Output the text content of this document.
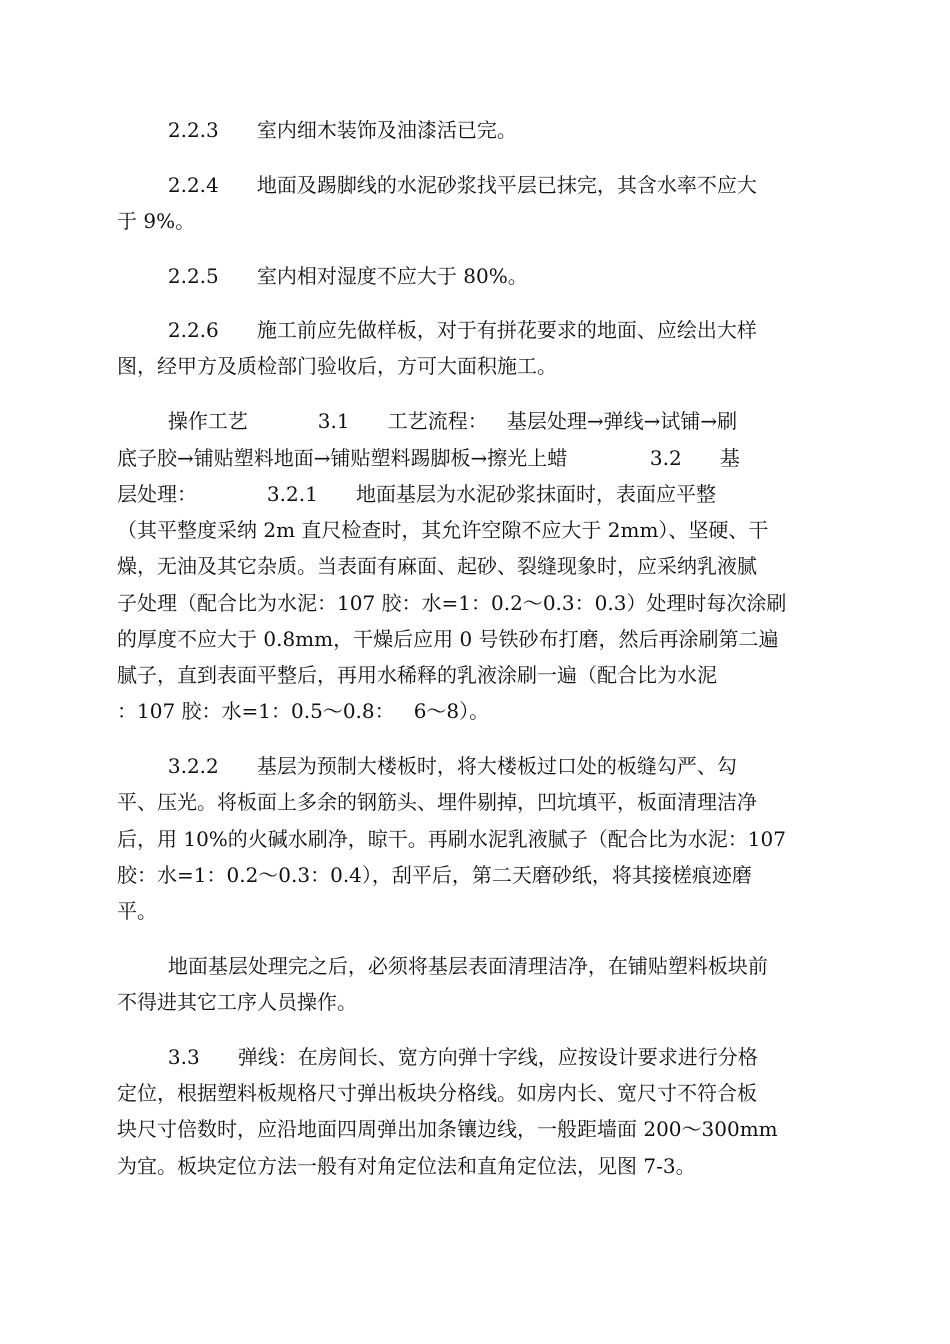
2.2.3      室内细木装饰及油漆活已完。
2.2.4      地面及踢脚线的水泥砂浆找平层已抹完，其含水率不应大
于 9%。
2.2.5      室内相对湿度不应大于 80%。
2.2.6      施工前应先做样板，对于有拼花要求的地面、应绘出大样
图，经甲方及质检部门验收后，方可大面积施工。
操作工艺           3.1      工艺流程：   基层处理→弹线→试铺→刷
底子胶→铺贴塑料地面→铺贴塑料踢脚板→擦光上蜡             3.2      基
层处理：           3.2.1      地面基层为水泥砂浆抹面时，表面应平整
（其平整度采纳 2m 直尺检查时，其允许空隙不应大于 2mm）、坚硬、干
燥，无油及其它杂质。当表面有麻面、起砂、裂缝现象时，应采纳乳液腻
子处理（配合比为水泥：107 胶：水=1：0.2～0.3：0.3）处理时每次涂刷
的厚度不应大于 0.8mm，干燥后应用 0 号铁砂布打磨，然后再涂刷第二遍
腻子，直到表面平整后，再用水稀释的乳液涂刷一遍（配合比为水泥
：107 胶：水=1：0.5～0.8：   6～8）。
3.2.2      基层为预制大楼板时，将大楼板过口处的板缝勾严、勾
平、压光。将板面上多余的钢筋头、埋件剔掉，凹坑填平，板面清理洁净
后，用 10%的火碱水刷净，晾干。再刷水泥乳液腻子（配合比为水泥：107
胶：水=1：0.2～0.3：0.4），刮平后，第二天磨砂纸，将其接槎痕迹磨
平。
地面基层处理完之后，必须将基层表面清理洁净，在铺贴塑料板块前
不得进其它工序人员操作。
3.3      弹线：在房间长、宽方向弹十字线，应按设计要求进行分格
定位，根据塑料板规格尺寸弹出板块分格线。如房内长、宽尺寸不符合板
块尺寸倍数时，应沿地面四周弹出加条镶边线，一般距墙面 200～300mm
为宜。板块定位方法一般有对角定位法和直角定位法，见图 7-3。
